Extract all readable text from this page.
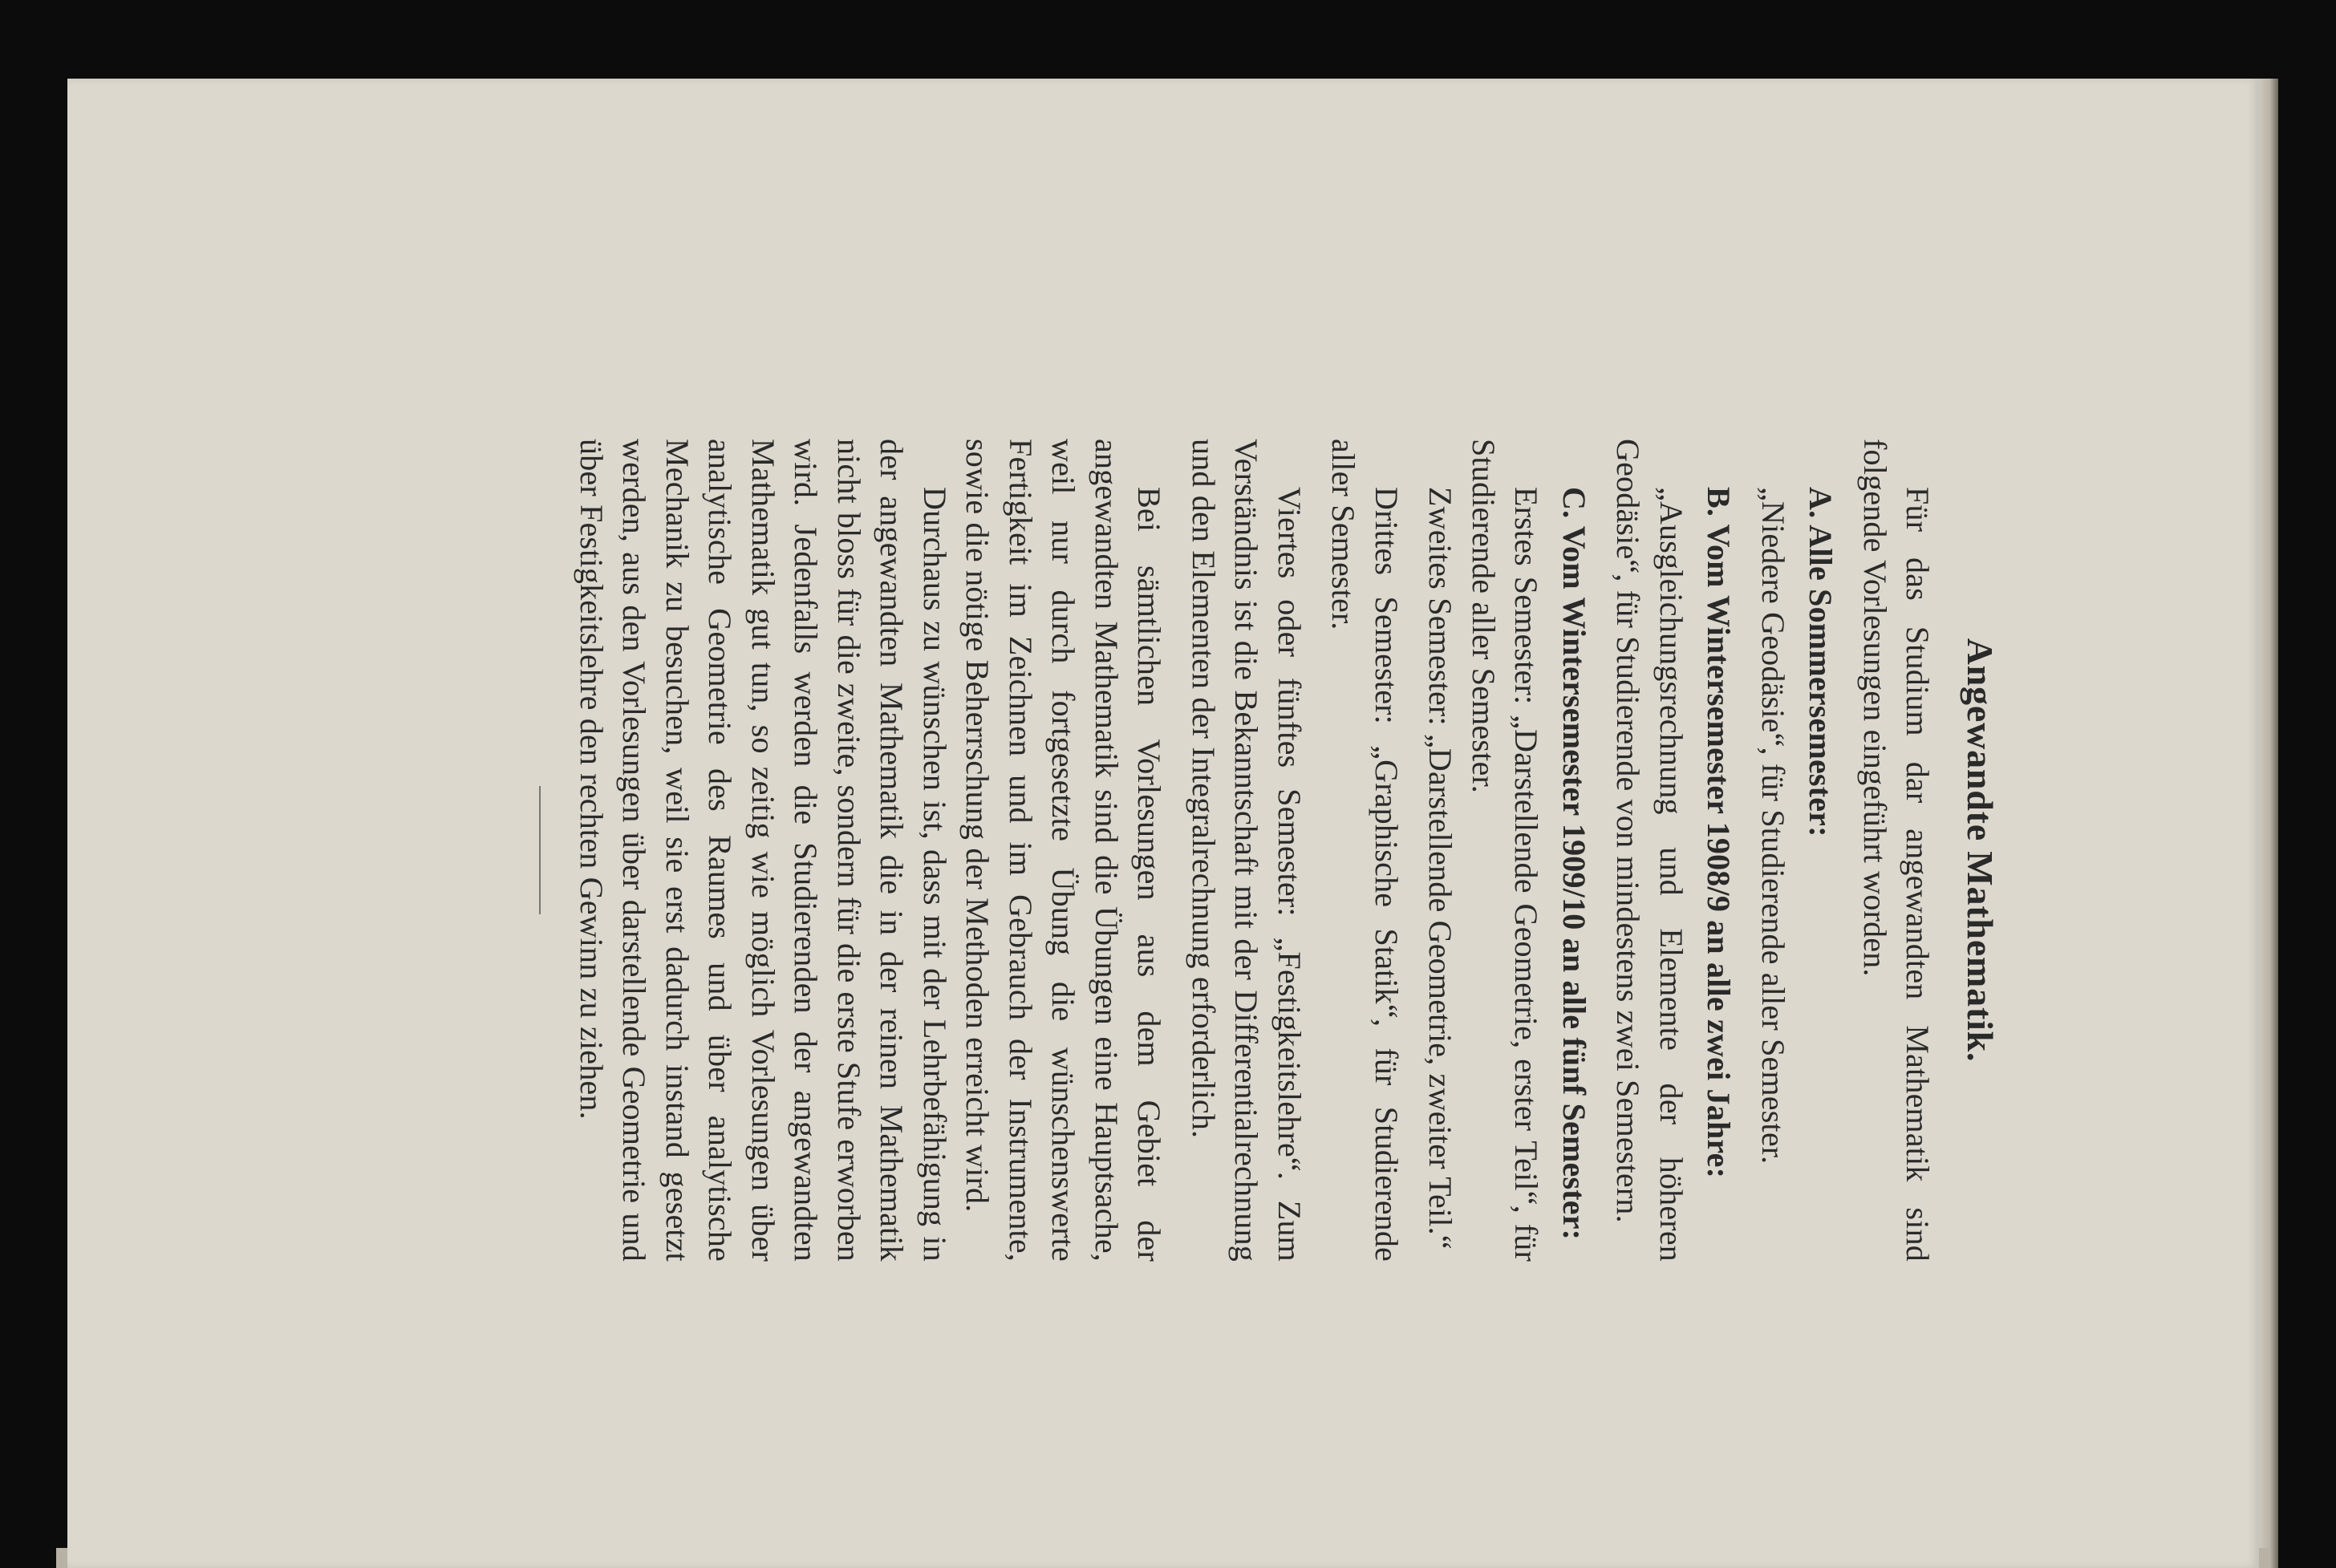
Angewandte Mathematik.

Für das Studium dar angewandten Mathematik sind folgende Vorlesungen eingeführt worden.

A. Alle Sommersemester:

„Niedere Geodäsie“, für Studierende aller Semester.

B. Vom Wintersemester 1908/9 an alle zwei Jahre:

„Ausgleichungsrechnung und Elemente der höheren Geodäsie“, für Studierende von mindestens zwei Semestern.

C. Vom Wintersemester 1909/10 an alle fünf Semester:

Erstes Semester: „Darstellende Geometrie, erster Teil“, für Studierende aller Semester.

Zweites Semester: „Darstellende Geometrie, zweiter Teil.“

Drittes Semester: „Graphische Statik“, für Studierende aller Semester.

Viertes oder fünftes Semester: „Festigkeitslehre“. Zum Verständnis ist die Bekanntschaft mit der Differentialrechnung und den Elementen der Integralrechnung erforderlich.

Bei sämtlichen Vorlesungen aus dem Gebiet der angewandten Mathematik sind die Übungen eine Hauptsache, weil nur durch fortgesetzte Übung die wünschenswerte Fertigkeit im Zeichnen und im Gebrauch der Instrumente, sowie die nötige Beherrschung der Methoden erreicht wird.

Durchaus zu wünschen ist, dass mit der Lehrbefähigung in der angewandten Mathematik die in der reinen Mathematik nicht bloss für die zweite, sondern für die erste Stufe erworben wird. Jedenfalls werden die Studierenden der angewandten Mathematik gut tun, so zeitig wie möglich Vorlesungen über analytische Geometrie des Raumes und über analytische Mechanik zu besuchen, weil sie erst dadurch instand gesetzt werden, aus den Vorlesungen über darstellende Geometrie und über Festigkeitslehre den rechten Gewinn zu ziehen.
